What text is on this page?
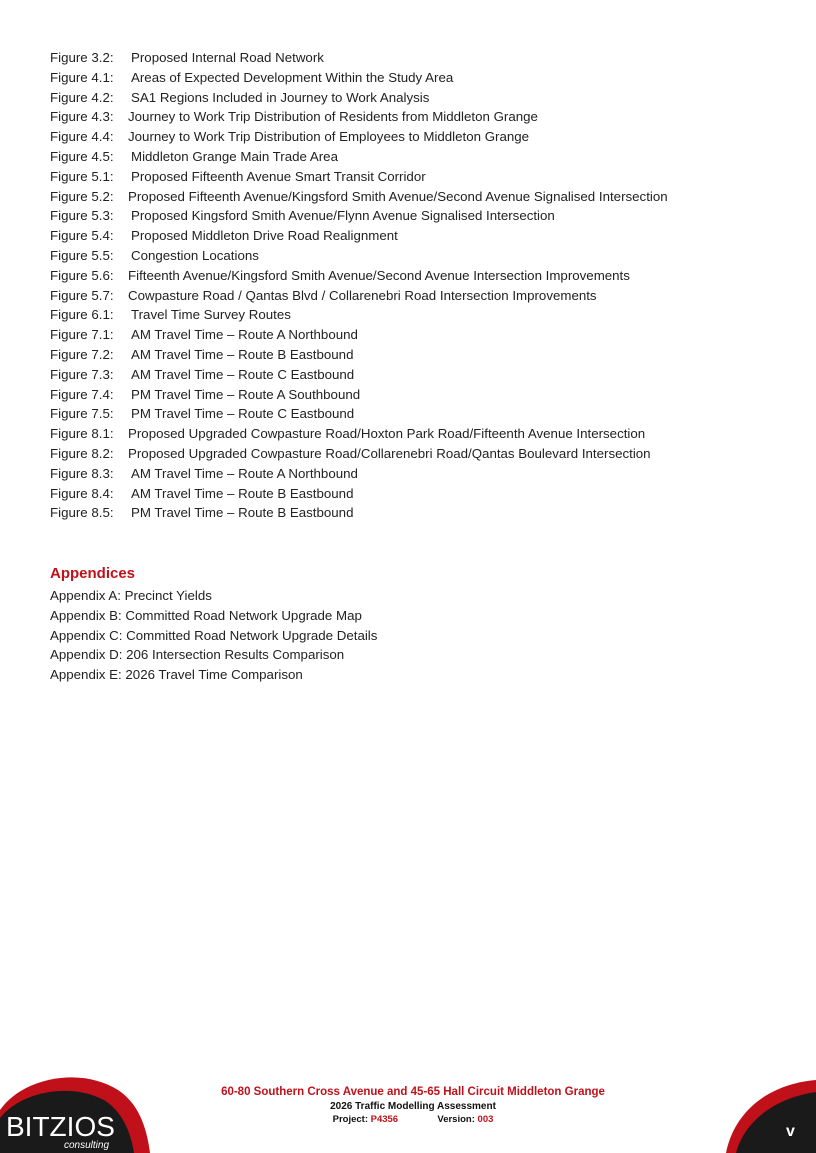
Figure 3.2: Proposed Internal Road Network
Figure 4.1: Areas of Expected Development Within the Study Area
Figure 4.2: SA1 Regions Included in Journey to Work Analysis
Figure 4.3: Journey to Work Trip Distribution of Residents from Middleton Grange
Figure 4.4: Journey to Work Trip Distribution of Employees to Middleton Grange
Figure 4.5: Middleton Grange Main Trade Area
Figure 5.1: Proposed Fifteenth Avenue Smart Transit Corridor
Figure 5.2: Proposed Fifteenth Avenue/Kingsford Smith Avenue/Second Avenue Signalised Intersection
Figure 5.3: Proposed Kingsford Smith Avenue/Flynn Avenue Signalised Intersection
Figure 5.4: Proposed Middleton Drive Road Realignment
Figure 5.5: Congestion Locations
Figure 5.6: Fifteenth Avenue/Kingsford Smith Avenue/Second Avenue Intersection Improvements
Figure 5.7: Cowpasture Road / Qantas Blvd / Collarenebri Road Intersection Improvements
Figure 6.1: Travel Time Survey Routes
Figure 7.1: AM Travel Time – Route A Northbound
Figure 7.2: AM Travel Time – Route B Eastbound
Figure 7.3: AM Travel Time – Route C Eastbound
Figure 7.4: PM Travel Time – Route A Southbound
Figure 7.5: PM Travel Time – Route C Eastbound
Figure 8.1: Proposed Upgraded Cowpasture Road/Hoxton Park Road/Fifteenth Avenue Intersection
Figure 8.2: Proposed Upgraded Cowpasture Road/Collarenebri Road/Qantas Boulevard Intersection
Figure 8.3: AM Travel Time – Route A Northbound
Figure 8.4: AM Travel Time – Route B Eastbound
Figure 8.5: PM Travel Time – Route B Eastbound
Appendices
Appendix A: Precinct Yields
Appendix B: Committed Road Network Upgrade Map
Appendix C: Committed Road Network Upgrade Details
Appendix D: 206 Intersection Results Comparison
Appendix E: 2026 Travel Time Comparison
BITZIOS
consulting
60-80 Southern Cross Avenue and 45-65 Hall Circuit Middleton Grange
2026 Traffic Modelling Assessment
Project: P4356	Version: 003
v
